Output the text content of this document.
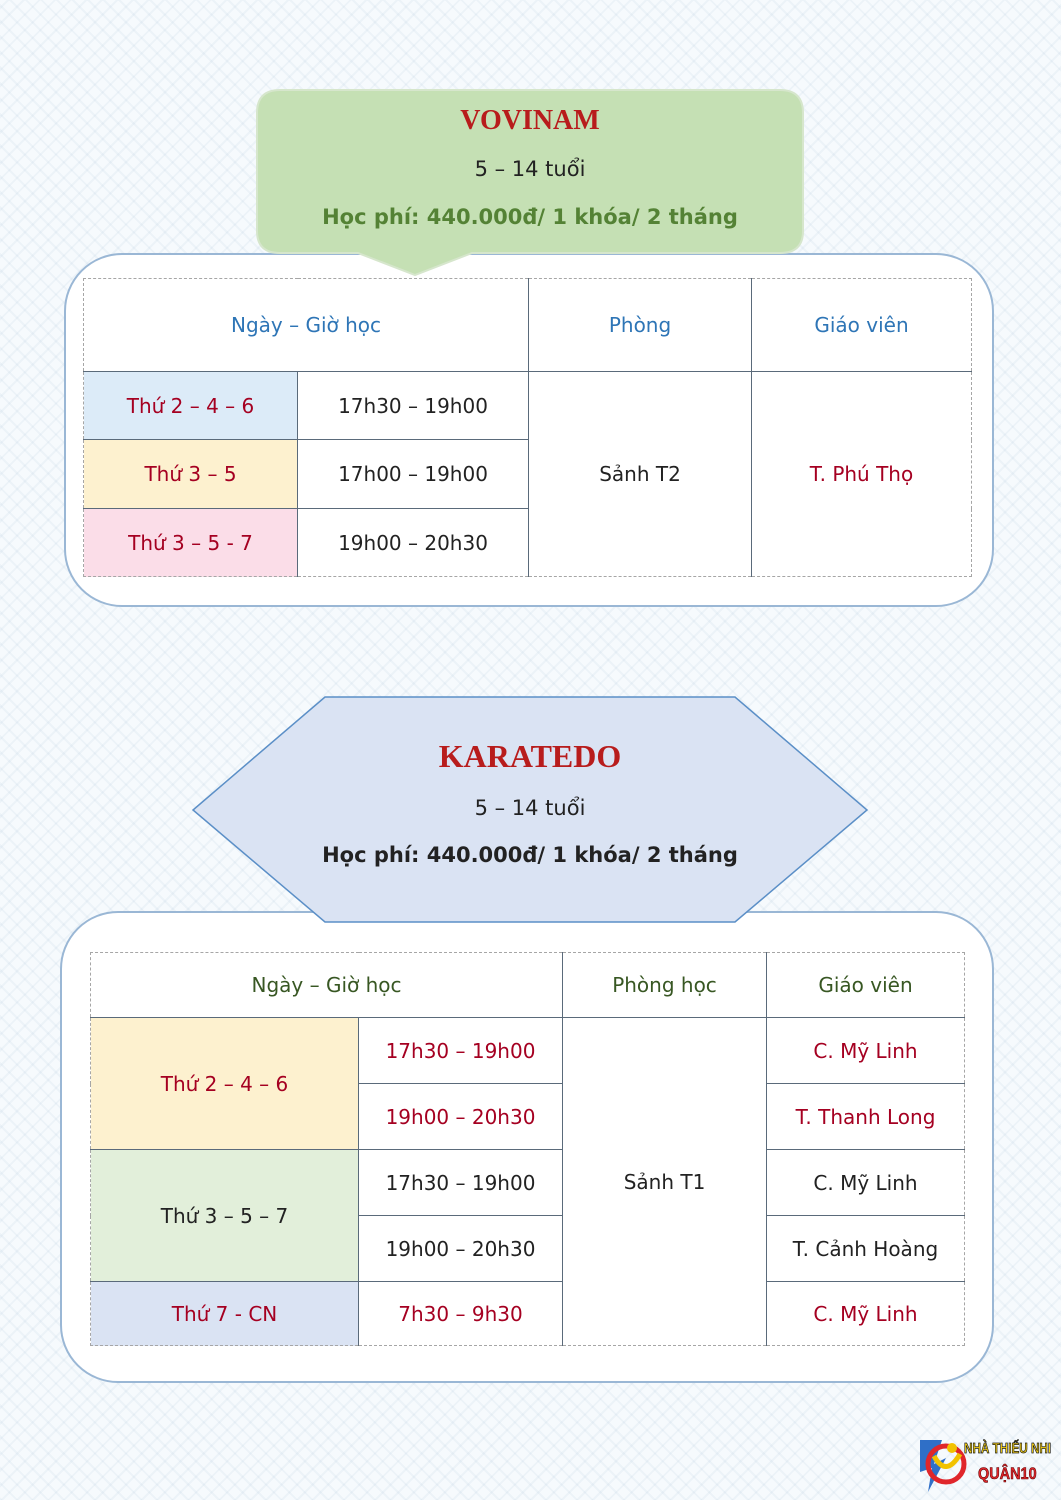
VOVINAM
5 – 14 tuổi
Học phí: 440.000đ/ 1 khóa/ 2 tháng
Ngày – Giờ học		Phòng	Giáo viên
Thứ 2 – 4 – 6	17h30 – 19h00	Sảnh T2	T. Phú Thọ
Thứ 3 – 5	17h00 – 19h00		
Thứ 3 – 5 - 7	19h00 – 20h30		
KARATEDO
5 – 14 tuổi
Học phí: 440.000đ/ 1 khóa/ 2 tháng
Ngày – Giờ học		Phòng học	Giáo viên
Thứ 2 – 4 – 6	17h30 – 19h00	Sảnh T1	C. Mỹ Linh
	19h00 – 20h30		T. Thanh Long
Thứ 3 – 5 – 7	17h30 – 19h00		C. Mỹ Linh
	19h00 – 20h30		T. Cảnh Hoàng
Thứ 7 - CN	7h30 – 9h30		C. Mỹ Linh
NHÀ THIẾU NHI
QUẬN10
